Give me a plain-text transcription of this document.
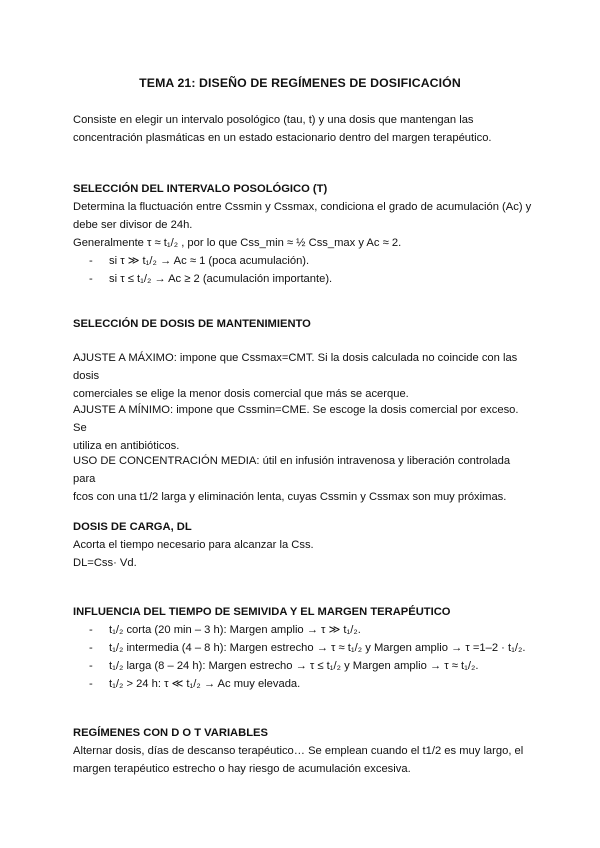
TEMA 21: DISEÑO DE REGÍMENES DE DOSIFICACIÓN

Consiste en elegir un intervalo posológico (tau, t) y una dosis que mantengan las

concentración plasmáticas en un estado estacionario dentro del margen terapéutico.

SELECCIÓN DEL INTERVALO POSOLÓGICO (T)

Determina la fluctuación entre Cssmin y Cssmax, condiciona el grado de acumulación (Ac) y

debe ser divisor de 24h.

Generalmente τ ≈ t₁/₂ , por lo que Css_min ≈ ½ Css_max y Ac ≈ 2.

- si τ ≫ t₁/₂ → Ac ≈ 1 (poca acumulación).
- si τ ≤ t₁/₂ → Ac ≥ 2 (acumulación importante).

SELECCIÓN DE DOSIS DE MANTENIMIENTO

AJUSTE A MÁXIMO: impone que Cssmax=CMT. Si la dosis calculada no coincide con las dosis

comerciales se elige la menor dosis comercial que más se acerque.

AJUSTE A MÍNIMO: impone que Cssmin=CME. Se escoge la dosis comercial por exceso. Se

utiliza en antibióticos.

USO DE CONCENTRACIÓN MEDIA: útil en infusión intravenosa y liberación controlada para

fcos con una t1/2 larga y eliminación lenta, cuyas Cssmin y Cssmax son muy próximas.

DOSIS DE CARGA, DL

Acorta el tiempo necesario para alcanzar la Css.

DL=Css· Vd.

INFLUENCIA DEL TIEMPO DE SEMIVIDA Y EL MARGEN TERAPÉUTICO

- t₁/₂ corta (20 min – 3 h): Margen amplio → τ ≫ t₁/₂.
- t₁/₂ intermedia (4 – 8 h): Margen estrecho → τ ≈ t₁/₂ y Margen amplio → τ =1–2 · t₁/₂.
- t₁/₂ larga (8 – 24 h): Margen estrecho → τ ≤ t₁/₂ y Margen amplio → τ ≈ t₁/₂.
- t₁/₂ > 24 h: τ ≪ t₁/₂ → Ac muy elevada.

REGÍMENES CON D O T VARIABLES

Alternar dosis, días de descanso terapéutico… Se emplean cuando el t1/2 es muy largo, el

margen terapéutico estrecho o hay riesgo de acumulación excesiva.
